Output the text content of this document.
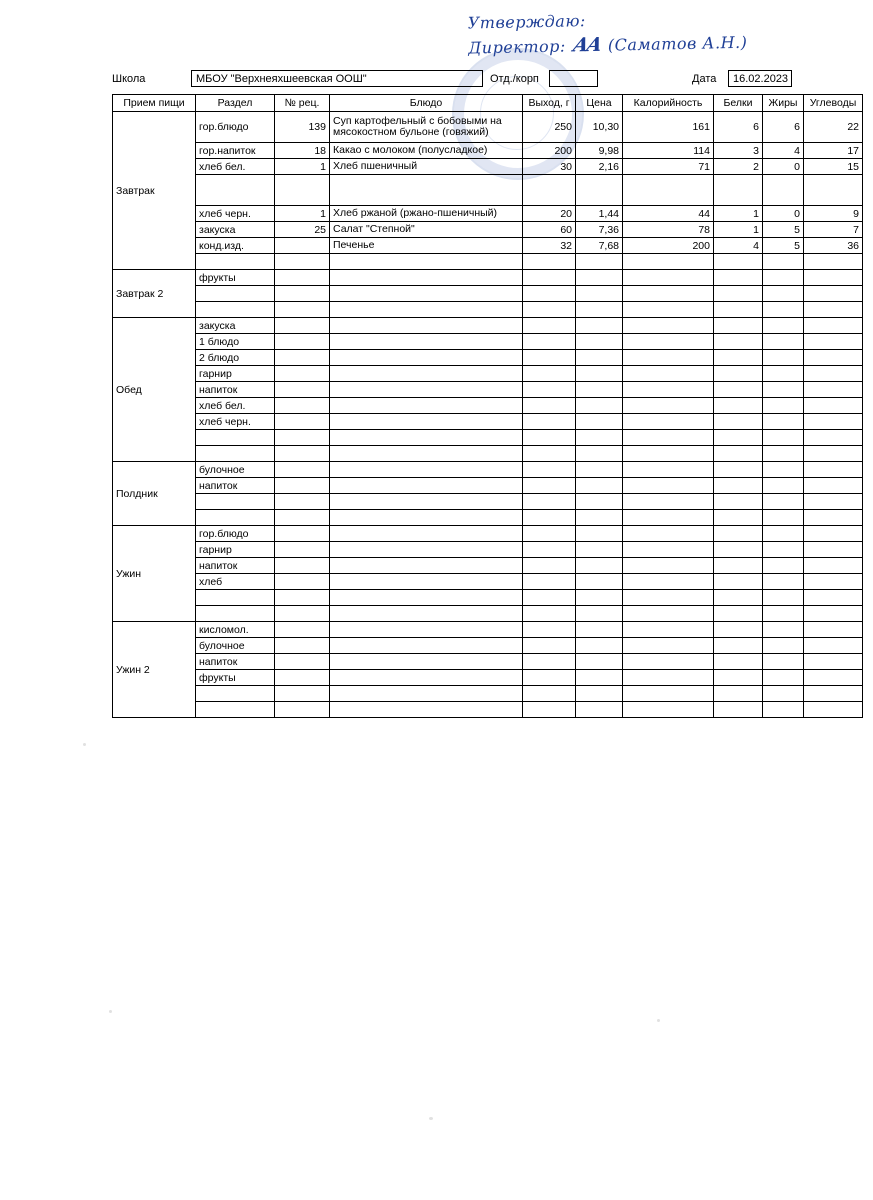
Утверждаю:
Директор: АА (Саматов А.Н.)
Школа	МБОУ "Верхнеяхшеевская ООШ"	Отд./корп	Дата	16.02.2023
Прием пищи	Раздел	№ рец.	Блюдо	Выход, г	Цена	Калорийность	Белки	Жиры	Углеводы
Завтрак	гор.блюдо	139	Суп картофельный с бобовыми на мясокостном бульоне (говяжий)	250	10,30	161	6	6	22
	гор.напиток	18	Какао с молоком (полусладкое)	200	9,98	114	3	4	17
	хлеб бел.	1	Хлеб пшеничный	30	2,16	71	2	0	15

	хлеб черн.	1	Хлеб ржаной (ржано-пшеничный)	20	1,44	44	1	0	9
	закуска	25	Салат "Степной"	60	7,36	78	1	5	7
	конд.изд.		Печенье	32	7,68	200	4	5	36

Завтрак 2	фрукты		

Обед	закуска		

	1 блюдо		

	2 блюдо		

	гарнир		

	напиток		

	хлеб бел.		

	хлеб черн.		

Полдник	булочное		

	напиток		

Ужин	гор.блюдо		

	гарнир		

	напиток		

	хлеб		

Ужин 2	кисломол.		

	булочное		

	напиток		

	фрукты		
